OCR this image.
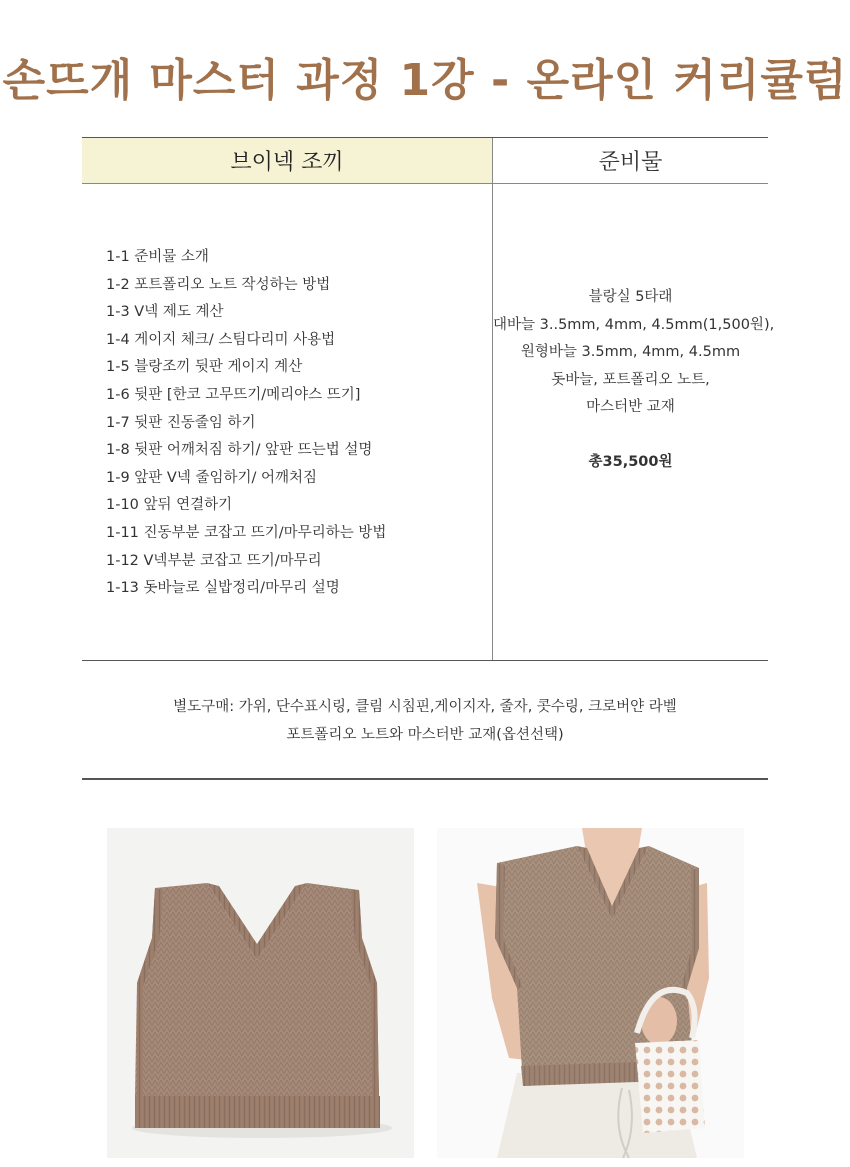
손뜨개 마스터 과정 1강 - 온라인 커리큘럼
브이넥 조끼	준비물
1-1 준비물 소개
1-2 포트폴리오 노트 작성하는 방법
1-3 V넥 제도 계산
1-4 게이지 체크/ 스팀다리미 사용법
1-5 블랑조끼 뒷판 게이지 계산
1-6 뒷판 [한코 고무뜨기/메리야스 뜨기]
1-7 뒷판 진동줄임 하기
1-8 뒷판 어깨처짐 하기/ 앞판 뜨는법 설명
1-9 앞판 V넥 줄임하기/ 어깨처짐
1-10 앞뒤 연결하기
1-11 진동부분 코잡고 뜨기/마무리하는 방법
1-12 V넥부분 코잡고 뜨기/마무리
1-13 돗바늘로 실밥정리/마무리 설명
블랑실 5타래
대바늘 3..5mm, 4mm, 4.5mm(1,500원),
원형바늘 3.5mm, 4mm, 4.5mm
돗바늘, 포트폴리오 노트,
마스터반 교재
총35,500원
별도구매: 가위, 단수표시링, 클림 시침핀,게이지자, 줄자, 콧수링, 크로버얀 라벨
포트폴리오 노트와 마스터반 교재(옵션선택)
